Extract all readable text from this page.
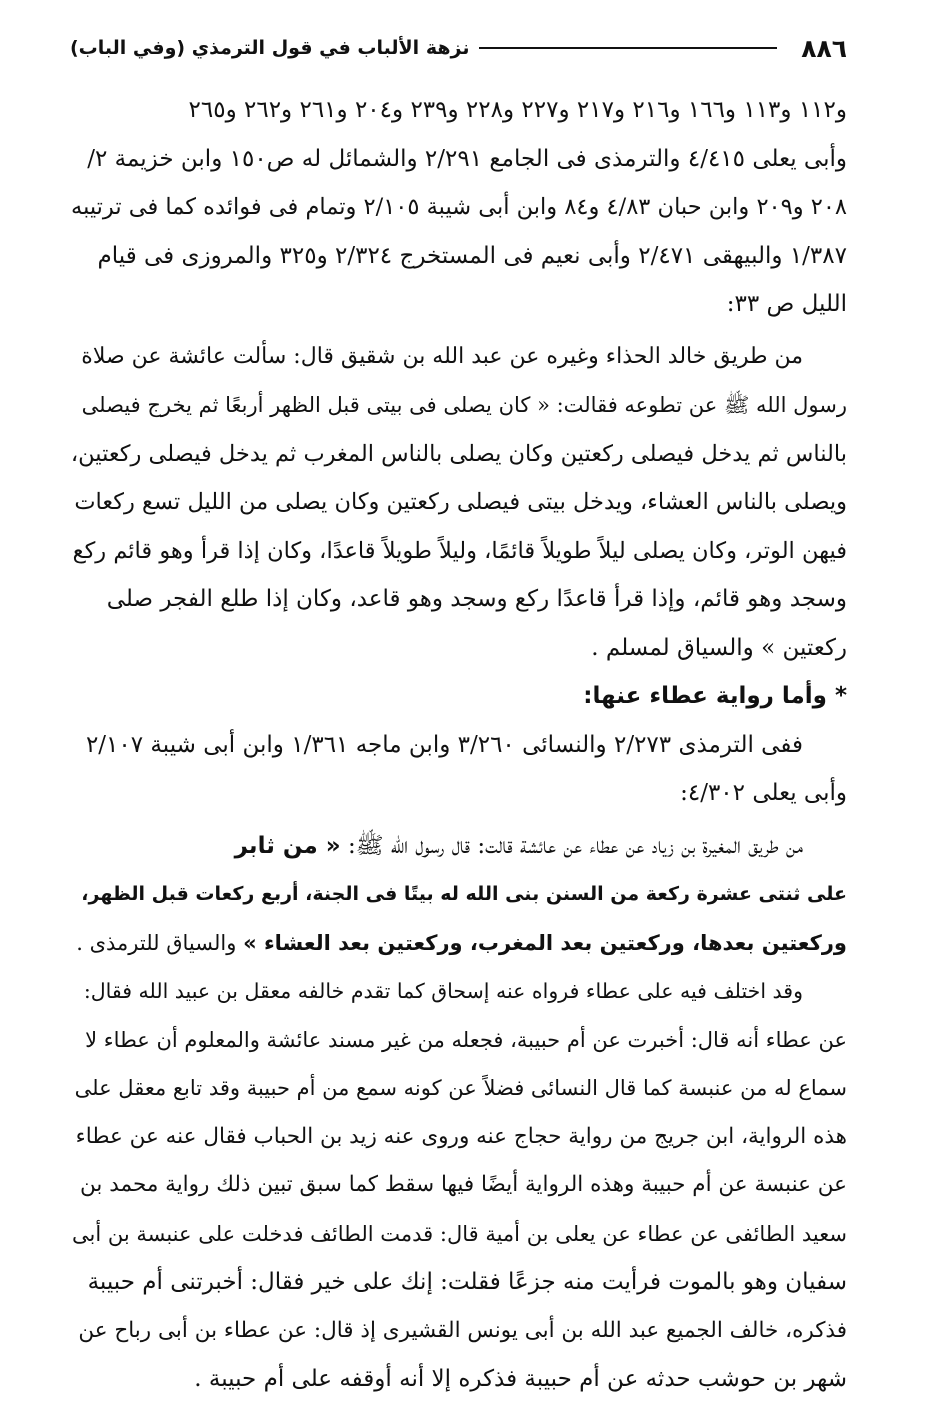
٨٨٦
نزهة الألباب في قول الترمذي (وفي الباب)
و١١٢ و١١٣ و١٦٦ و٢١٦ و٢١٧ و٢٢٧ و٢٢٨ و٢٣٩ و٢٠٤ و٢٦١ و٢٦٢ و٢٦٥
وأبى يعلى ٤/٤١٥ والترمذى فى الجامع ٢/٢٩١ والشمائل له ص١٥٠ وابن خزيمة ٢/
٢٠٨ و٢٠٩ وابن حبان ٤/٨٣ و٨٤ وابن أبى شيبة ٢/١٠٥ وتمام فى فوائده كما فى ترتيبه
١/٣٨٧ والبيهقى ٢/٤٧١ وأبى نعيم فى المستخرج ٢/٣٢٤ و٣٢٥ والمروزى فى قيام
الليل ص ٣٣:
من طريق خالد الحذاء وغيره عن عبد الله بن شقيق قال: سألت عائشة عن صلاة
رسول الله ﷺ عن تطوعه فقالت: « كان يصلى فى بيتى قبل الظهر أربعًا ثم يخرج فيصلى
بالناس ثم يدخل فيصلى ركعتين وكان يصلى بالناس المغرب ثم يدخل فيصلى ركعتين،
ويصلى بالناس العشاء، ويدخل بيتى فيصلى ركعتين وكان يصلى من الليل تسع ركعات
فيهن الوتر، وكان يصلى ليلاً طويلاً قائمًا، وليلاً طويلاً قاعدًا، وكان إذا قرأ وهو قائم ركع
وسجد وهو قائم، وإذا قرأ قاعدًا ركع وسجد وهو قاعد، وكان إذا طلع الفجر صلى
ركعتين » والسياق لمسلم .
* وأما رواية عطاء عنها:
ففى الترمذى ٢/٢٧٣ والنسائى ٣/٢٦٠ وابن ماجه ١/٣٦١ وابن أبى شيبة ٢/١٠٧
وأبى يعلى ٤/٣٠٢:
من طريق المغيرة بن زياد عن عطاء عن عائشة قالت: قال رسول الله ﷺ: « من ثابر
على ثنتى عشرة ركعة من السنن بنى الله له بيتًا فى الجنة، أربع ركعات قبل الظهر،
وركعتين بعدها، وركعتين بعد المغرب، وركعتين بعد العشاء » والسياق للترمذى .
وقد اختلف فيه على عطاء فرواه عنه إسحاق كما تقدم خالفه معقل بن عبيد الله فقال:
عن عطاء أنه قال: أخبرت عن أم حبيبة، فجعله من غير مسند عائشة والمعلوم أن عطاء لا
سماع له من عنبسة كما قال النسائى فضلاً عن كونه سمع من أم حبيبة وقد تابع معقل على
هذه الرواية، ابن جريج من رواية حجاج عنه وروى عنه زيد بن الحباب فقال عنه عن عطاء
عن عنبسة عن أم حبيبة وهذه الرواية أيضًا فيها سقط كما سبق تبين ذلك رواية محمد بن
سعيد الطائفى عن عطاء عن يعلى بن أمية قال: قدمت الطائف فدخلت على عنبسة بن أبى
سفيان وهو بالموت فرأيت منه جزعًا فقلت: إنك على خير فقال: أخبرتنى أم حبيبة
فذكره، خالف الجميع عبد الله بن أبى يونس القشيرى إذ قال: عن عطاء بن أبى رباح عن
شهر بن حوشب حدثه عن أم حبيبة فذكره إلا أنه أوقفه على أم حبيبة .
